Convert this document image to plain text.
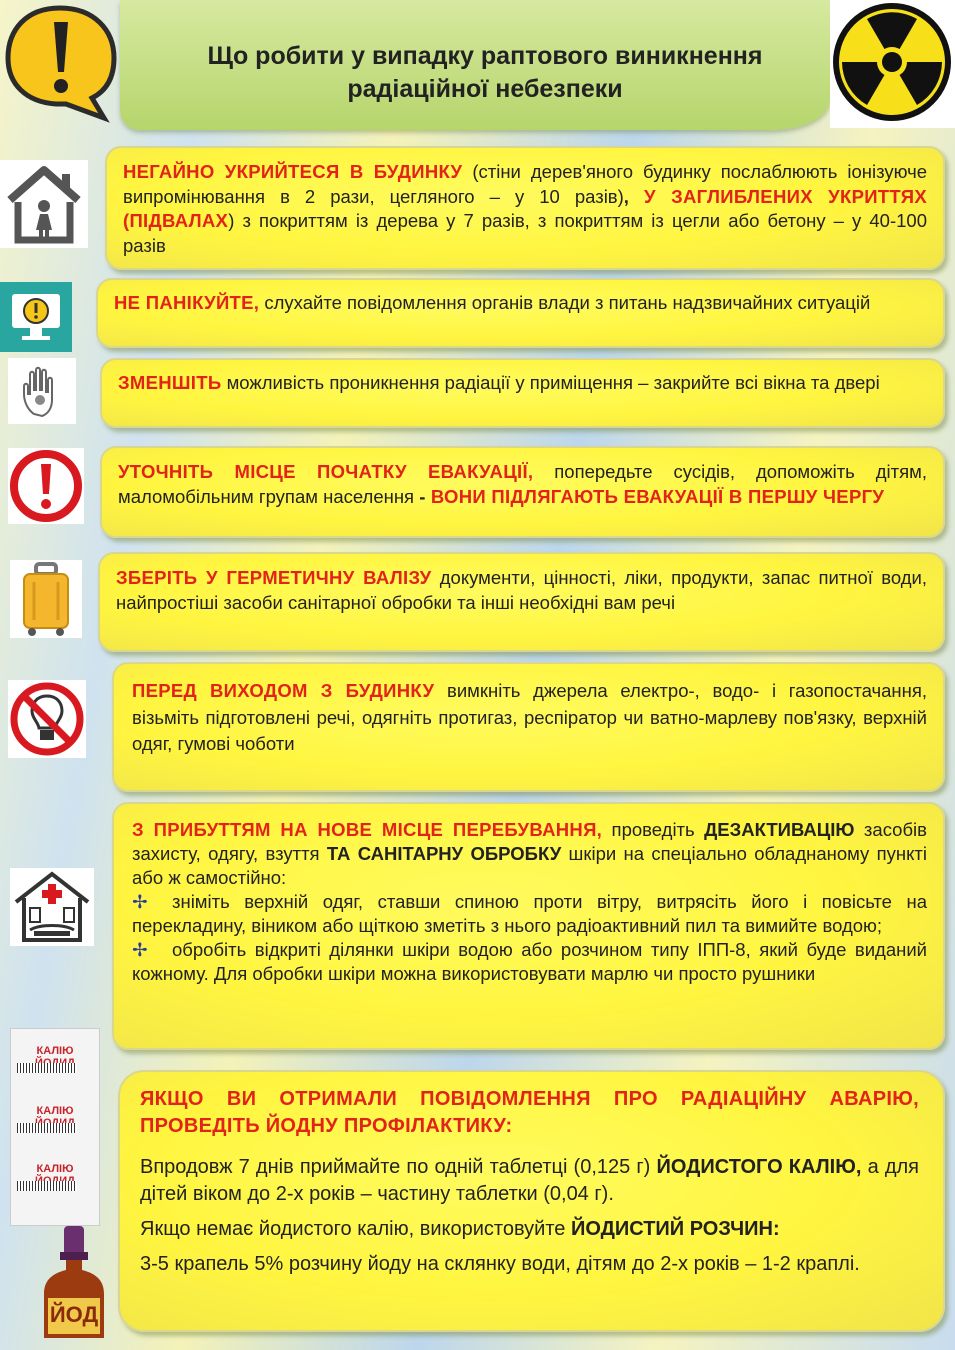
Що робити у випадку раптового виникнення
радіаційної небезпеки

НЕГАЙНО УКРИЙТЕСЯ В БУДИНКУ (стіни дерев'яного будинку послаблюють іонізуюче випромінювання в 2 рази, цегляного – у 10 разів), У ЗАГЛИБЛЕНИХ УКРИТТЯХ (ПІДВАЛАХ) з покриттям із дерева у 7 разів, з покриттям із цегли або бетону – у 40-100 разів

НЕ ПАНІКУЙТЕ, слухайте повідомлення органів влади з питань надзвичайних ситуацій

ЗМЕНШІТЬ можливість проникнення радіації у приміщення – закрийте всі вікна та двері

УТОЧНІТЬ МІСЦЕ ПОЧАТКУ ЕВАКУАЦІЇ, попередьте сусідів, допоможіть дітям, маломобільним групам населення - ВОНИ ПІДЛЯГАЮТЬ ЕВАКУАЦІЇ В ПЕРШУ ЧЕРГУ

ЗБЕРІТЬ У ГЕРМЕТИЧНУ ВАЛІЗУ документи, цінності, ліки, продукти, запас питної води, найпростіші засоби санітарної обробки та інші необхідні вам речі

ПЕРЕД ВИХОДОМ З БУДИНКУ вимкніть джерела електро-, водо- і газопостачання, візьміть підготовлені речі, одягніть протигаз, респіратор чи ватно-марлеву пов'язку, верхній одяг, гумові чоботи

З ПРИБУТТЯМ НА НОВЕ МІСЦЕ ПЕРЕБУВАННЯ, проведіть ДЕЗАКТИВАЦІЮ засобів захисту, одягу, взуття ТА САНІТАРНУ ОБРОБКУ шкіри на спеціально обладнаному пункті або ж самостійно:

✢ зніміть верхній одяг, ставши спиною проти вітру, витрясіть його і повісьте на перекладину, віником або щіткою зметіть з нього радіоактивний пил та вимийте водою;

✢ обробіть відкриті ділянки шкіри водою або розчином типу ІПП-8, який буде виданий кожному. Для обробки шкіри можна використовувати марлю чи просто рушники

КАЛІЮ
КАЛІЮ
КАЛІЮ
ЙОД

ЯКЩО ВИ ОТРИМАЛИ ПОВІДОМЛЕННЯ ПРО РАДІАЦІЙНУ АВАРІЮ, ПРОВЕДІТЬ ЙОДНУ ПРОФІЛАКТИКУ:

Впродовж 7 днів приймайте по одній таблетці (0,125 г) ЙОДИСТОГО КАЛІЮ, а для дітей віком до 2-х років – частину таблетки (0,04 г).

Якщо немає йодистого калію, використовуйте ЙОДИСТИЙ РОЗЧИН:

3-5 крапель 5% розчину йоду на склянку води, дітям до 2-х років – 1-2 краплі.
